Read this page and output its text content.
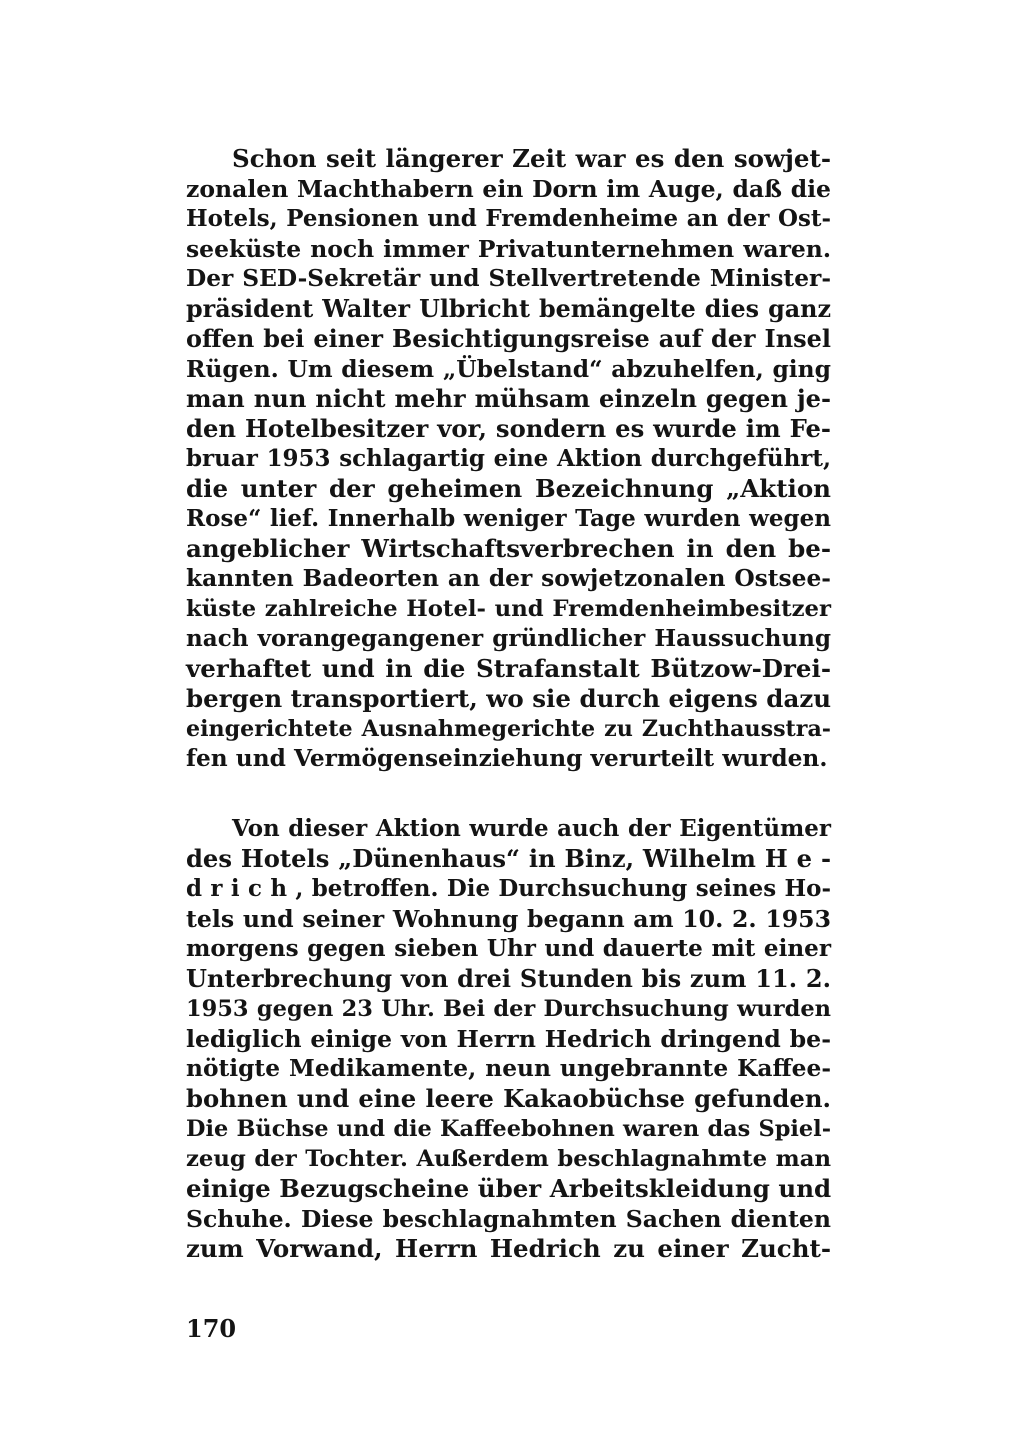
Schon seit längerer Zeit war es den sowjet-
zonalen Machthabern ein Dorn im Auge, daß die
Hotels, Pensionen und Fremdenheime an der Ost-
seeküste noch immer Privatunternehmen waren.
Der SED-Sekretär und Stellvertretende Minister-
präsident Walter Ulbricht bemängelte dies ganz
offen bei einer Besichtigungsreise auf der Insel
Rügen. Um diesem „Übelstand“ abzuhelfen, ging
man nun nicht mehr mühsam einzeln gegen je-
den Hotelbesitzer vor, sondern es wurde im Fe-
bruar 1953 schlagartig eine Aktion durchgeführt,
die unter der geheimen Bezeichnung „Aktion
Rose“ lief. Innerhalb weniger Tage wurden wegen
angeblicher Wirtschaftsverbrechen in den be-
kannten Badeorten an der sowjetzonalen Ostsee-
küste zahlreiche Hotel- und Fremdenheimbesitzer
nach vorangegangener gründlicher Haussuchung
verhaftet und in die Strafanstalt Bützow-Drei-
bergen transportiert, wo sie durch eigens dazu
eingerichtete Ausnahmegerichte zu Zuchthausstra-
fen und Vermögenseinziehung verurteilt wurden.
Von dieser Aktion wurde auch der Eigentümer
des Hotels „Dünenhaus“ in Binz, Wilhelm H e -
d r i c h , betroffen. Die Durchsuchung seines Ho-
tels und seiner Wohnung begann am 10. 2. 1953
morgens gegen sieben Uhr und dauerte mit einer
Unterbrechung von drei Stunden bis zum 11. 2.
1953 gegen 23 Uhr. Bei der Durchsuchung wurden
lediglich einige von Herrn Hedrich dringend be-
nötigte Medikamente, neun ungebrannte Kaffee-
bohnen und eine leere Kakaobüchse gefunden.
Die Büchse und die Kaffeebohnen waren das Spiel-
zeug der Tochter. Außerdem beschlagnahmte man
einige Bezugscheine über Arbeitskleidung und
Schuhe. Diese beschlagnahmten Sachen dienten
zum Vorwand, Herrn Hedrich zu einer Zucht-
170
